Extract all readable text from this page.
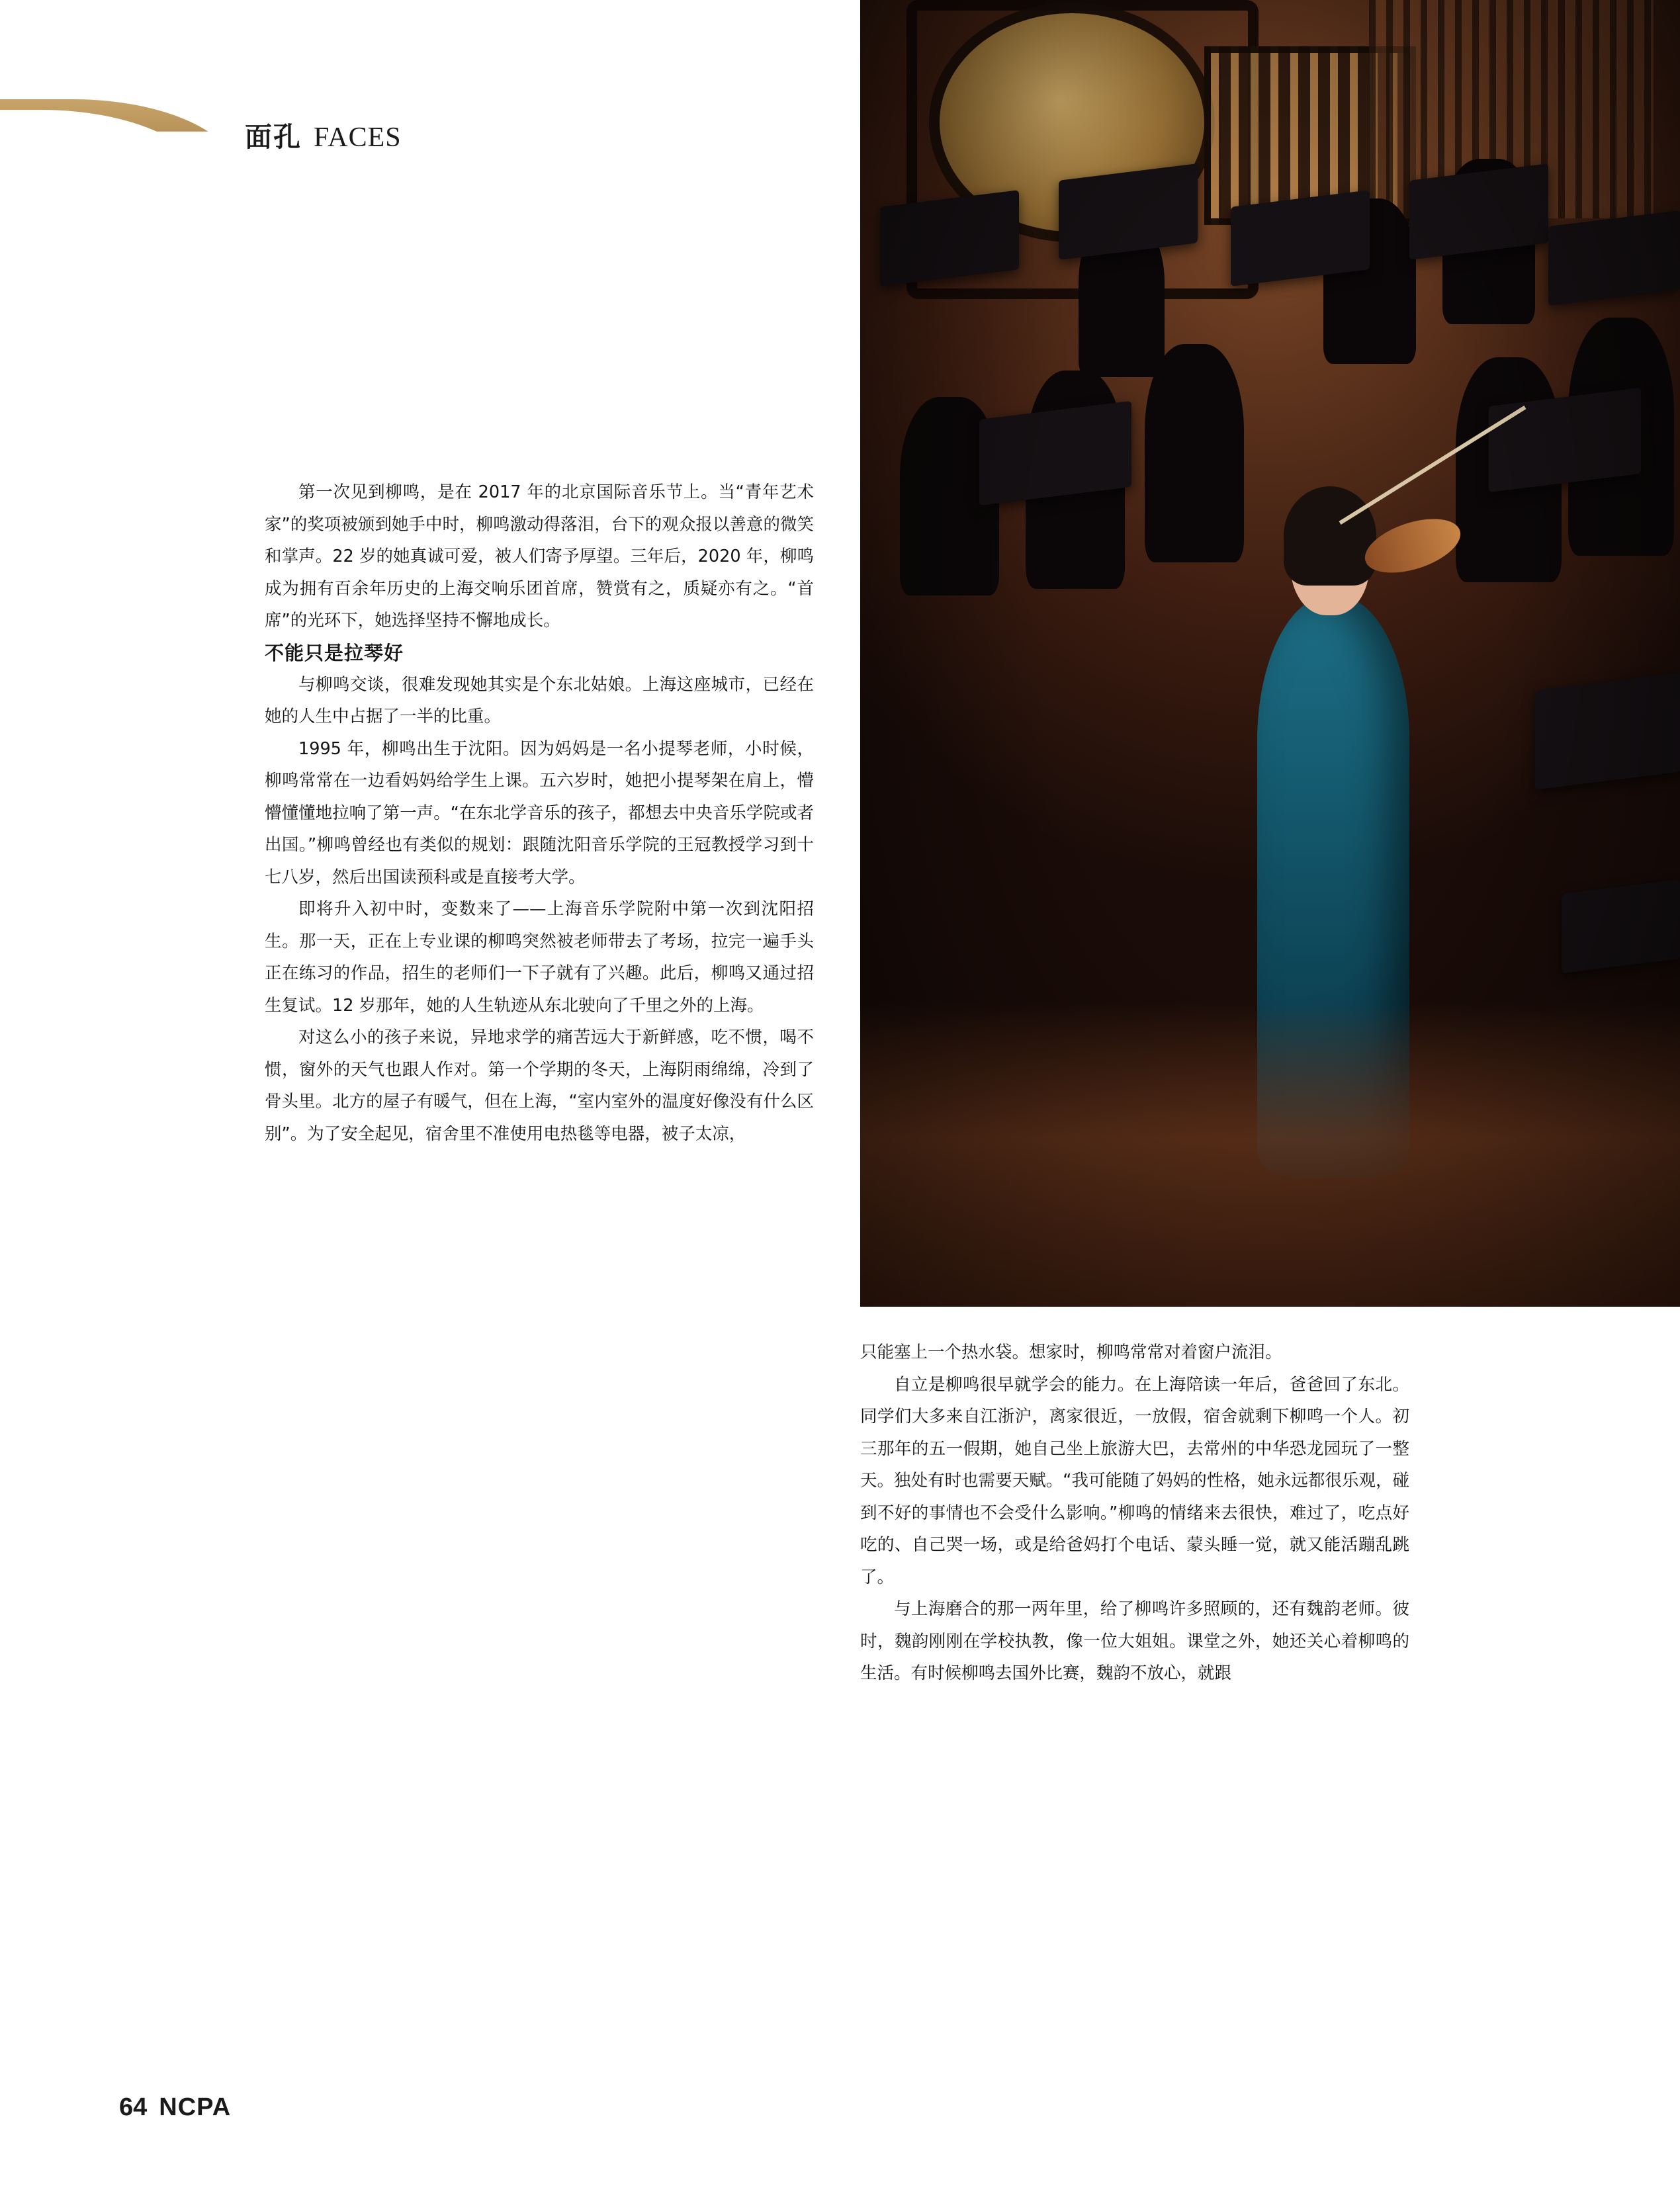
面孔 FACES

第一次见到柳鸣，是在 2017 年的北京国际音乐节上。当“青年艺术家”的奖项被颁到她手中时，柳鸣激动得落泪，台下的观众报以善意的微笑和掌声。22 岁的她真诚可爱，被人们寄予厚望。三年后，2020 年，柳鸣成为拥有百余年历史的上海交响乐团首席，赞赏有之，质疑亦有之。“首席”的光环下，她选择坚持不懈地成长。

不能只是拉琴好

与柳鸣交谈，很难发现她其实是个东北姑娘。上海这座城市，已经在她的人生中占据了一半的比重。

1995 年，柳鸣出生于沈阳。因为妈妈是一名小提琴老师，小时候，柳鸣常常在一边看妈妈给学生上课。五六岁时，她把小提琴架在肩上，懵懵懂懂地拉响了第一声。“在东北学音乐的孩子，都想去中央音乐学院或者出国。”柳鸣曾经也有类似的规划：跟随沈阳音乐学院的王冠教授学习到十七八岁，然后出国读预科或是直接考大学。

即将升入初中时，变数来了——上海音乐学院附中第一次到沈阳招生。那一天，正在上专业课的柳鸣突然被老师带去了考场，拉完一遍手头正在练习的作品，招生的老师们一下子就有了兴趣。此后，柳鸣又通过招生复试。12 岁那年，她的人生轨迹从东北驶向了千里之外的上海。

对这么小的孩子来说，异地求学的痛苦远大于新鲜感，吃不惯，喝不惯，窗外的天气也跟人作对。第一个学期的冬天，上海阴雨绵绵，冷到了骨头里。北方的屋子有暖气，但在上海，“室内室外的温度好像没有什么区别”。为了安全起见，宿舍里不准使用电热毯等电器，被子太凉，

只能塞上一个热水袋。想家时，柳鸣常常对着窗户流泪。

自立是柳鸣很早就学会的能力。在上海陪读一年后，爸爸回了东北。同学们大多来自江浙沪，离家很近，一放假，宿舍就剩下柳鸣一个人。初三那年的五一假期，她自己坐上旅游大巴，去常州的中华恐龙园玩了一整天。独处有时也需要天赋。“我可能随了妈妈的性格，她永远都很乐观，碰到不好的事情也不会受什么影响。”柳鸣的情绪来去很快，难过了，吃点好吃的、自己哭一场，或是给爸妈打个电话、蒙头睡一觉，就又能活蹦乱跳了。

与上海磨合的那一两年里，给了柳鸣许多照顾的，还有魏韵老师。彼时，魏韵刚刚在学校执教，像一位大姐姐。课堂之外，她还关心着柳鸣的生活。有时候柳鸣去国外比赛，魏韵不放心，就跟

64 NCPA
